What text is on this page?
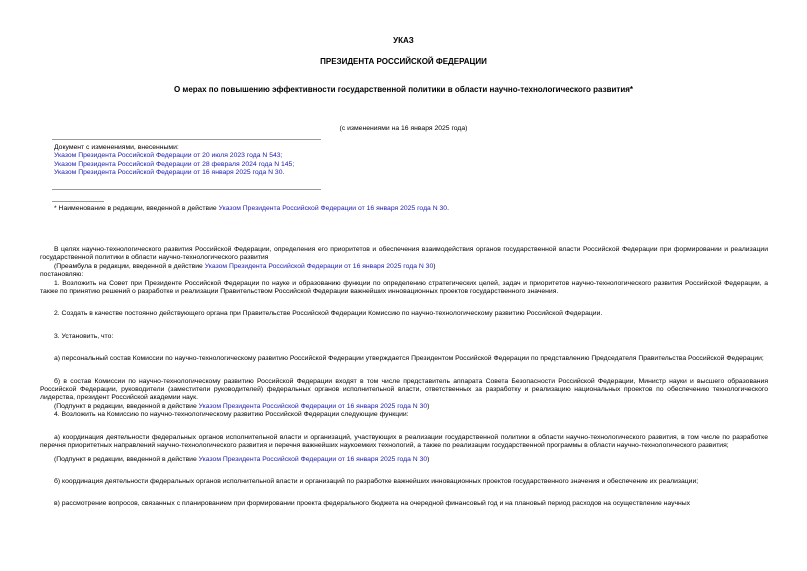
УКАЗ
ПРЕЗИДЕНТА РОССИЙСКОЙ ФЕДЕРАЦИИ
О мерах по повышению эффективности государственной политики в области научно-технологического развития*
(с изменениями на 16 января 2025 года)
Документ с изменениями, внесенными:
Указом Президента Российской Федерации от 20 июля 2023 года N 543;
Указом Президента Российской Федерации от 28 февраля 2024 года N 145;
Указом Президента Российской Федерации от 16 января 2025 года N 30.
* Наименование в редакции, введенной в действие Указом Президента Российской Федерации от 16 января 2025 года N 30.

В целях научно-технологического развития Российской Федерации, определения его приоритетов и обеспечения взаимодействия органов государственной власти Российской Федерации при формировании и реализации государственной политики в области научно-технологического развития

(Преамбула в редакции, введенной в действие Указом Президента Российской Федерации от 16 января 2025 года N 30)

постановляю:

1. Возложить на Совет при Президенте Российской Федерации по науке и образованию функции по определению стратегических целей, задач и приоритетов научно-технологического развития Российской Федерации, а также по принятию решений о разработке и реализации Правительством Российской Федерации важнейших инновационных проектов государственного значения.

2. Создать в качестве постоянно действующего органа при Правительстве Российской Федерации Комиссию по научно-технологическому развитию Российской Федерации.

3. Установить, что:

а) персональный состав Комиссии по научно-технологическому развитию Российской Федерации утверждается Президентом Российской Федерации по представлению Председателя Правительства Российской Федерации;

б) в состав Комиссии по научно-технологическому развитию Российской Федерации входят в том числе представитель аппарата Совета Безопасности Российской Федерации, Министр науки и высшего образования Российской Федерации, руководители (заместители руководителей) федеральных органов исполнительной власти, ответственных за разработку и реализацию национальных проектов по обеспечению технологического лидерства, президент Российской академии наук.

(Подпункт в редакции, введенной в действие Указом Президента Российской Федерации от 16 января 2025 года N 30)

4. Возложить на Комиссию по научно-технологическому развитию Российской Федерации следующие функции:

а) координация деятельности федеральных органов исполнительной власти и организаций, участвующих в реализации государственной политики в области научно-технологического развития, в том числе по разработке перечня приоритетных направлений научно-технологического развития и перечня важнейших наукоемких технологий, а также по реализации государственной программы в области научно-технологического развития;

(Подпункт в редакции, введенной в действие Указом Президента Российской Федерации от 16 января 2025 года N 30)

б) координация деятельности федеральных органов исполнительной власти и организаций по разработке важнейших инновационных проектов государственного значения и обеспечение их реализации;

в) рассмотрение вопросов, связанных с планированием при формировании проекта федерального бюджета на очередной финансовый год и на плановый период расходов на осуществление научных
